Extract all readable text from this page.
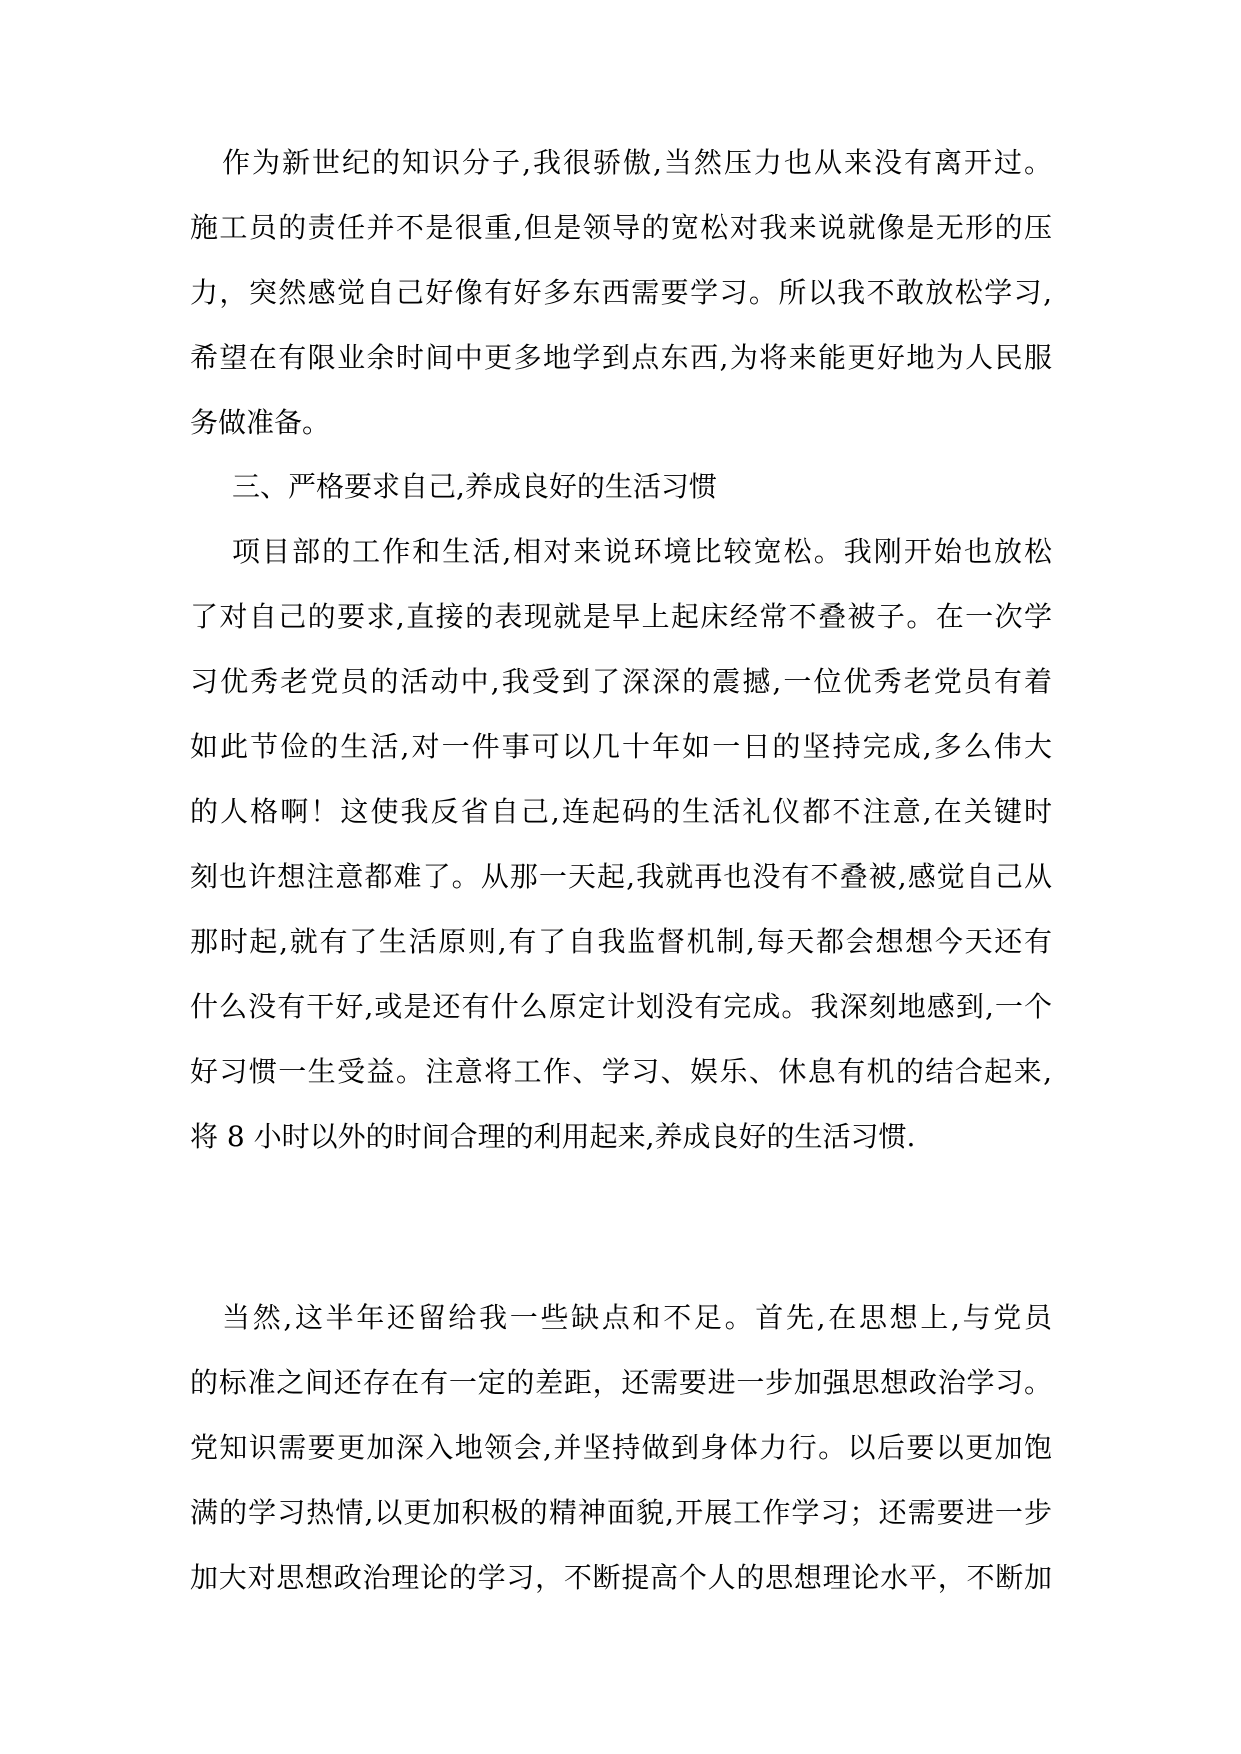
作为新世纪的知识分子,我很骄傲,当然压力也从来没有离开过。
施工员的责任并不是很重,但是领导的宽松对我来说就像是无形的压
力，突然感觉自己好像有好多东西需要学习。所以我不敢放松学习,
希望在有限业余时间中更多地学到点东西,为将来能更好地为人民服
务做准备。
三、严格要求自己,养成良好的生活习惯
项目部的工作和生活,相对来说环境比较宽松。我刚开始也放松
了对自己的要求,直接的表现就是早上起床经常不叠被子。在一次学
习优秀老党员的活动中,我受到了深深的震撼,一位优秀老党员有着
如此节俭的生活,对一件事可以几十年如一日的坚持完成,多么伟大
的人格啊！这使我反省自己,连起码的生活礼仪都不注意,在关键时
刻也许想注意都难了。从那一天起,我就再也没有不叠被,感觉自己从
那时起,就有了生活原则,有了自我监督机制,每天都会想想今天还有
什么没有干好,或是还有什么原定计划没有完成。我深刻地感到,一个
好习惯一生受益。注意将工作、学习、娱乐、休息有机的结合起来,
将 8 小时以外的时间合理的利用起来,养成良好的生活习惯.
当然,这半年还留给我一些缺点和不足。首先,在思想上,与党员
的标准之间还存在有一定的差距，还需要进一步加强思想政治学习。
党知识需要更加深入地领会,并坚持做到身体力行。以后要以更加饱
满的学习热情,以更加积极的精神面貌,开展工作学习；还需要进一步
加大对思想政治理论的学习，不断提高个人的思想理论水平，不断加
